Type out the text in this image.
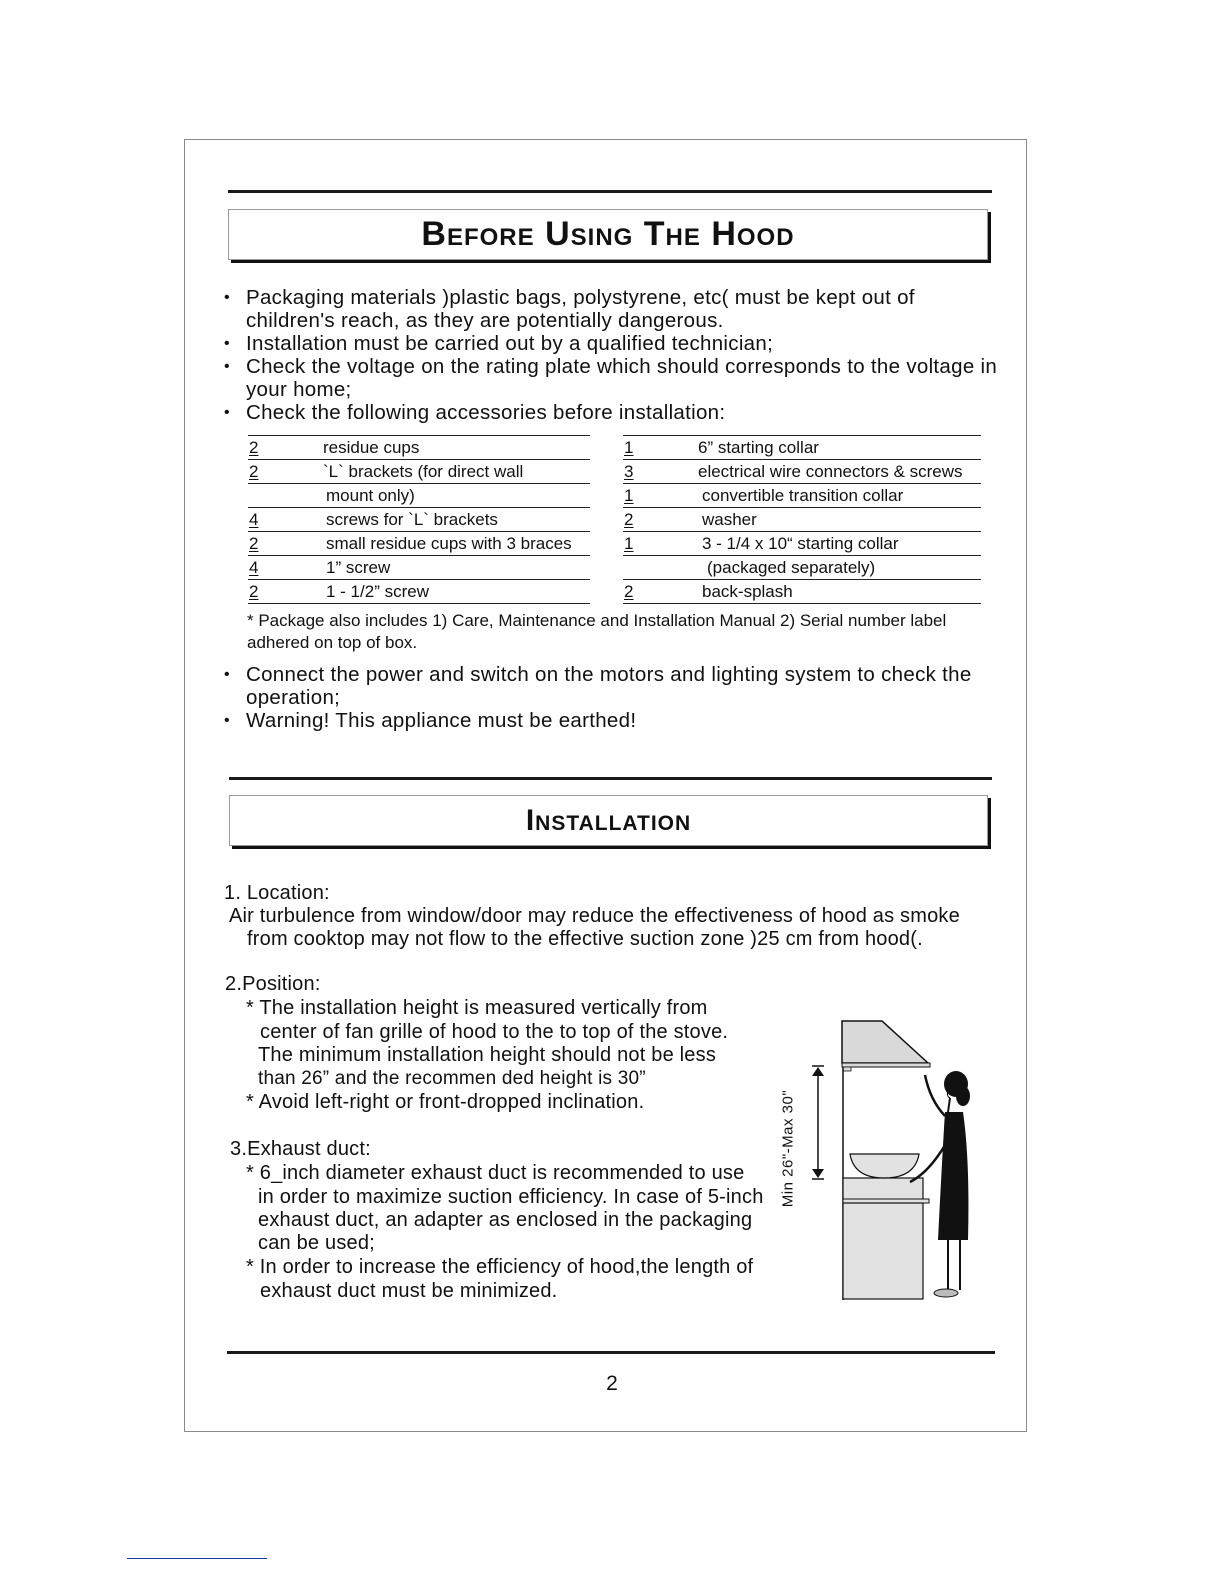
Before Using The Hood

• Packaging materials )plastic bags, polystyrene, etc( must be kept out of children's reach, as they are potentially dangerous.

• Installation must be carried out by a qualified technician;

• Check the voltage on the rating plate which should corresponds to the voltage in your home;

• Check the following accessories before installation:

2	residue cups
2	`L` brackets (for direct wall
	mount only)
4	screws for `L` brackets
2	small residue cups with 3 braces
4	1” screw
2	1 - 1/2” screw
1	6” starting collar
3	electrical wire connectors & screws
1	convertible transition collar
2	washer
1	3 - 1/4 x 10“ starting collar
	(packaged separately)
2	back-splash
* Package also includes 1) Care, Maintenance and Installation Manual 2) Serial number label adhered on top of box.

• Connect the power and switch on the motors and lighting system to check the operation;

• Warning! This appliance must be earthed!

Installation
1. Location:
Air turbulence from window/door may reduce the effectiveness of hood as smoke
from cooktop may not flow to the effective suction zone )25 cm from hood(.
2.Position:
* The installation height is measured vertically from
center of fan grille of hood to the to top of the stove.
The minimum installation height should not be less
than 26” and the recommen ded height is 30”
* Avoid left-right or front-dropped inclination.
3.Exhaust duct:
* 6_inch diameter exhaust duct is recommended to use
in order to maximize suction efficiency. In case of 5-inch
exhaust duct, an adapter as enclosed in the packaging
can be used;
* In order to increase the efficiency of hood,the length of
exhaust duct must be minimized.
Min 26"-Max 30"
2
